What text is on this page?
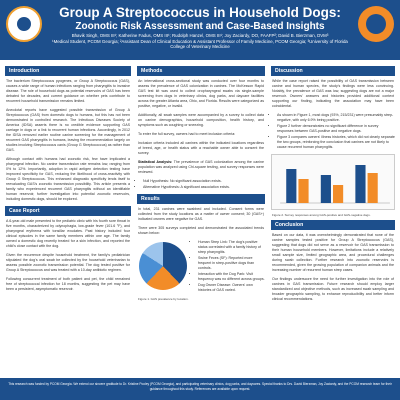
Group A Streptococcus in Household Dogs:
Zoonotic Risk Assessment and Case-Based Insights
Bhavik Singh, OMS III¹; Katherine Fadus, OMS III¹; Rudolph Hanzel, OMS III¹; Joy Zaciardy, DO, FAAFP²; David B. Bierzman, DVM³
¹Medical Student, PCOM Georgia; ²Assistant Dean of Clinical Education & Assistant Professor of Family Medicine, PCOM Georgia; ³University of Florida College of Veterinary Medicine
Introduction
The bacterium Streptococcus pyogenes, or Group A Streptococcus (GAS), causes a wide range of human infections ranging from pharyngitis to invasive disease. The role of household dogs as potential reservoirs of GAS has been debated for decades, and current guidance on whether pets contribute to recurrent household transmission remains limited.
Anecdotal reports have suggested possible transmission of Group A Streptococcus (GAS) from domestic dogs to humans, but this has not been demonstrated in controlled research. The Infectious Diseases Society of America (IDSA) asserts there is no credible evidence supporting GAS carriage in dogs or a link to recurrent human infections. Accordingly, in 2012 the IDSA removed earlier routine canine screening for the management of recurrent GAS pharyngitis in humans, leaving the recommendation largely on studies involving Streptococcus canis (Group G Streptococcus) as rather than GAS.
Although contact with humans had zoonotic risk, few have implicated a pharyngeal infection. No canine transmission rate remains low, ranging from 0% to 12%. Importantly, adoption in rapid antigen detection testing have improved specificity for GAS, reducing the likelihood of cross-reactivity with Group G Streptococcus. This enhanced diagnostic specificity lends itself to reevaluating GAS's zoonotic transmission possibility. This article presents a family who experienced recurrent GAS pharyngitis without an identifiable human reservoir, further investigation into potential zoonotic reservoirs, including domestic dogs, should be explored.
Case Report
A 6-year-old male presented to the pediatric clinic with his fourth sore throat in five months, characterized by odynophagia, low-grade fever (101.6 °F), and pharyngeal erythema with tonsillar exudates. Past history included four clinical episodes in the same family members within one age. The family owned a domestic dog recently treated for a skin infection, and reported the child's close contact with the dog.
Given the recurrence despite household treatment, the family's pediatrician stipulated the dog's oral swab be collected by the household veterinarian to assess possible zoonotic transmission potential. The dog tested positive for Group A Streptococcus and was treated with a 10-day antibiotic regimen.
Following concurrent treatment of both patient and pet, the child remained free of streptococcal infection for 18 months, suggesting the pet may have been a persistent, asymptomatic reservoir.
Methods
An international cross-sectional study was conducted over four months to assess the prevalence of GAS colonization in canines. The McKesson Rapid GAS test kit was used to collect oropharyngeal swabs via single-sample screening from dogs in veterinary clinics, dog parks, and daycare facilities across the greater Atlanta area, Ohio, and Florida. Results were categorized as positive, negative, or invalid.
Additionally, all swab samples were accompanied by a survey to collect data on canine demographics, household composition, health history, and symptoms such as coughing or sneezing.
To enter the full survey, owners had to meet inclusion criteria:
Inclusion criteria included all canines within the indicated locations regardless of breed, age, or health status with a reachable owner able to consent the survey.
Statistical Analysis: The prevalence of GAS colonization among the canine population was analyzed using Chi-square testing, and survey responses were reviewed.
• Null Hypothesis: No significant association exists.
• Alternative Hypothesis: A significant association exists.
Results
In total, 231 canines were swabbed and included. Consent forms were collected from the study locations as a matter of owner consent; 30 (GAS+) indicated owners were negative for GAS.
There were 305 surveys completed and demonstrated the associated trends shown below:
• Human Strep Link: The dog's positive status correlated with a family history of strep pharyngitis.
• Swine Feces (SF): Reported more frequent in strep-positive dogs than controls.
• Interaction with the Dog Park: Visit frequency was no different across groups.
• Dog Owner Disease: Owners' own histories of GAS varied.
Figure 1. GAS prevalence by location.
Discussion
While the case report raised the possibility of GAS transmission between canine and human species, the study's findings were less convincing. Notably, the prevalence of GAS was low, suggesting dogs are not a major reservoir. Owners' answers and histories provided additional context supporting our finding, indicating the association may have been coincidental.
• As shown in Figure 1, most dogs (93%, 215/231) were presumably strep-negative, with only 6.9% being positive.
• Figure 2 further demonstrates no significant difference in survey responses between GAS-positive and negative dogs.
• Figure 3 compares owners' illness histories, which did not clearly separate the two groups, reinforcing the conclusion that canines are not likely to cause recurrent human pharyngitis.
Figure 2. Survey responses among GAS-positive and GAS-negative dogs.
Conclusion
Based on our data, it was overwhelmingly demonstrated that none of the canine samples tested positive for Group A Streptococcus (GAS), suggesting that dogs did not serve as a reservoir for GAS transmission to their human household members. However, limitations include a relatively small sample size, limited geographic area, and procedural challenges during swab collection. Further research into zoonotic reservoirs is recommended, given the growing population of companion animals and the increasing number of recurrent human strep cases.
Our findings underscore the need for further investigation into the role of canines in GAS transmission. Future research should employ larger standardized and objective methods, such as increased swab sampling and broader geographic sampling, to enhance reproducibility and better inform clinical recommendations.
This research was funded by PCOM Georgia. We extend our sincere gratitude to Dr. Kristine Pooley (PCOM Georgia), and participating veterinary clinics, dog parks, and daycares. Special thanks to Drs. David Bierzman, Joy Zaciardy, and the PCOM research team for their guidance throughout this study. References are available upon request.
